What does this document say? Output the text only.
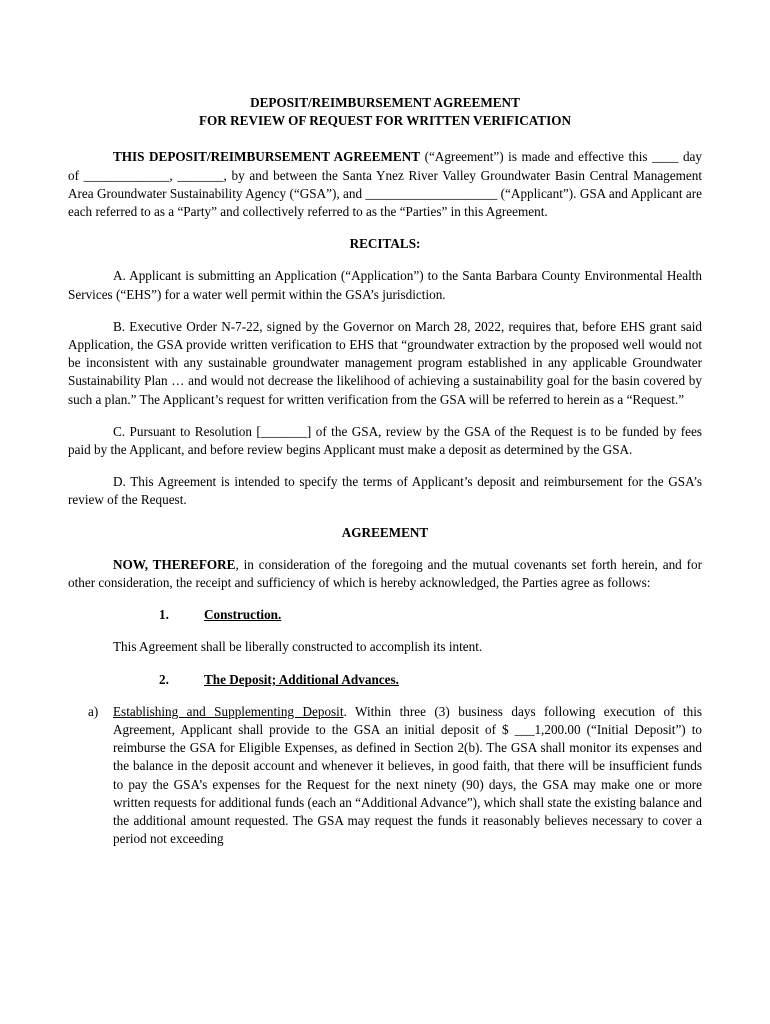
DEPOSIT/REIMBURSEMENT AGREEMENT
FOR REVIEW OF REQUEST FOR WRITTEN VERIFICATION

THIS DEPOSIT/REIMBURSEMENT AGREEMENT (“Agreement”) is made and effective this ____ day of _____________, _______, by and between the Santa Ynez River Valley Groundwater Basin Central Management Area Groundwater Sustainability Agency (“GSA”), and ____________________ (“Applicant”). GSA and Applicant are each referred to as a “Party” and collectively referred to as the “Parties” in this Agreement.

RECITALS:

A. Applicant is submitting an Application (“Application”) to the Santa Barbara County Environmental Health Services (“EHS”) for a water well permit within the GSA’s jurisdiction.

B. Executive Order N-7-22, signed by the Governor on March 28, 2022, requires that, before EHS grant said Application, the GSA provide written verification to EHS that “groundwater extraction by the proposed well would not be inconsistent with any sustainable groundwater management program established in any applicable Groundwater Sustainability Plan … and would not decrease the likelihood of achieving a sustainability goal for the basin covered by such a plan.” The Applicant’s request for written verification from the GSA will be referred to herein as a “Request.”

C. Pursuant to Resolution [_______] of the GSA, review by the GSA of the Request is to be funded by fees paid by the Applicant, and before review begins Applicant must make a deposit as determined by the GSA.

D. This Agreement is intended to specify the terms of Applicant’s deposit and reimbursement for the GSA’s review of the Request.

AGREEMENT

NOW, THEREFORE, in consideration of the foregoing and the mutual covenants set forth herein, and for other consideration, the receipt and sufficiency of which is hereby acknowledged, the Parties agree as follows:

1.	Construction.

This Agreement shall be liberally constructed to accomplish its intent.

2.	The Deposit; Additional Advances.
a)	Establishing and Supplementing Deposit. Within three (3) business days following execution of this Agreement, Applicant shall provide to the GSA an initial deposit of $ ___1,200.00 (“Initial Deposit”) to reimburse the GSA for Eligible Expenses, as defined in Section 2(b). The GSA shall monitor its expenses and the balance in the deposit account and whenever it believes, in good faith, that there will be insufficient funds to pay the GSA’s expenses for the Request for the next ninety (90) days, the GSA may make one or more written requests for additional funds (each an “Additional Advance”), which shall state the existing balance and the additional amount requested. The GSA may request the funds it reasonably believes necessary to cover a period not exceeding
